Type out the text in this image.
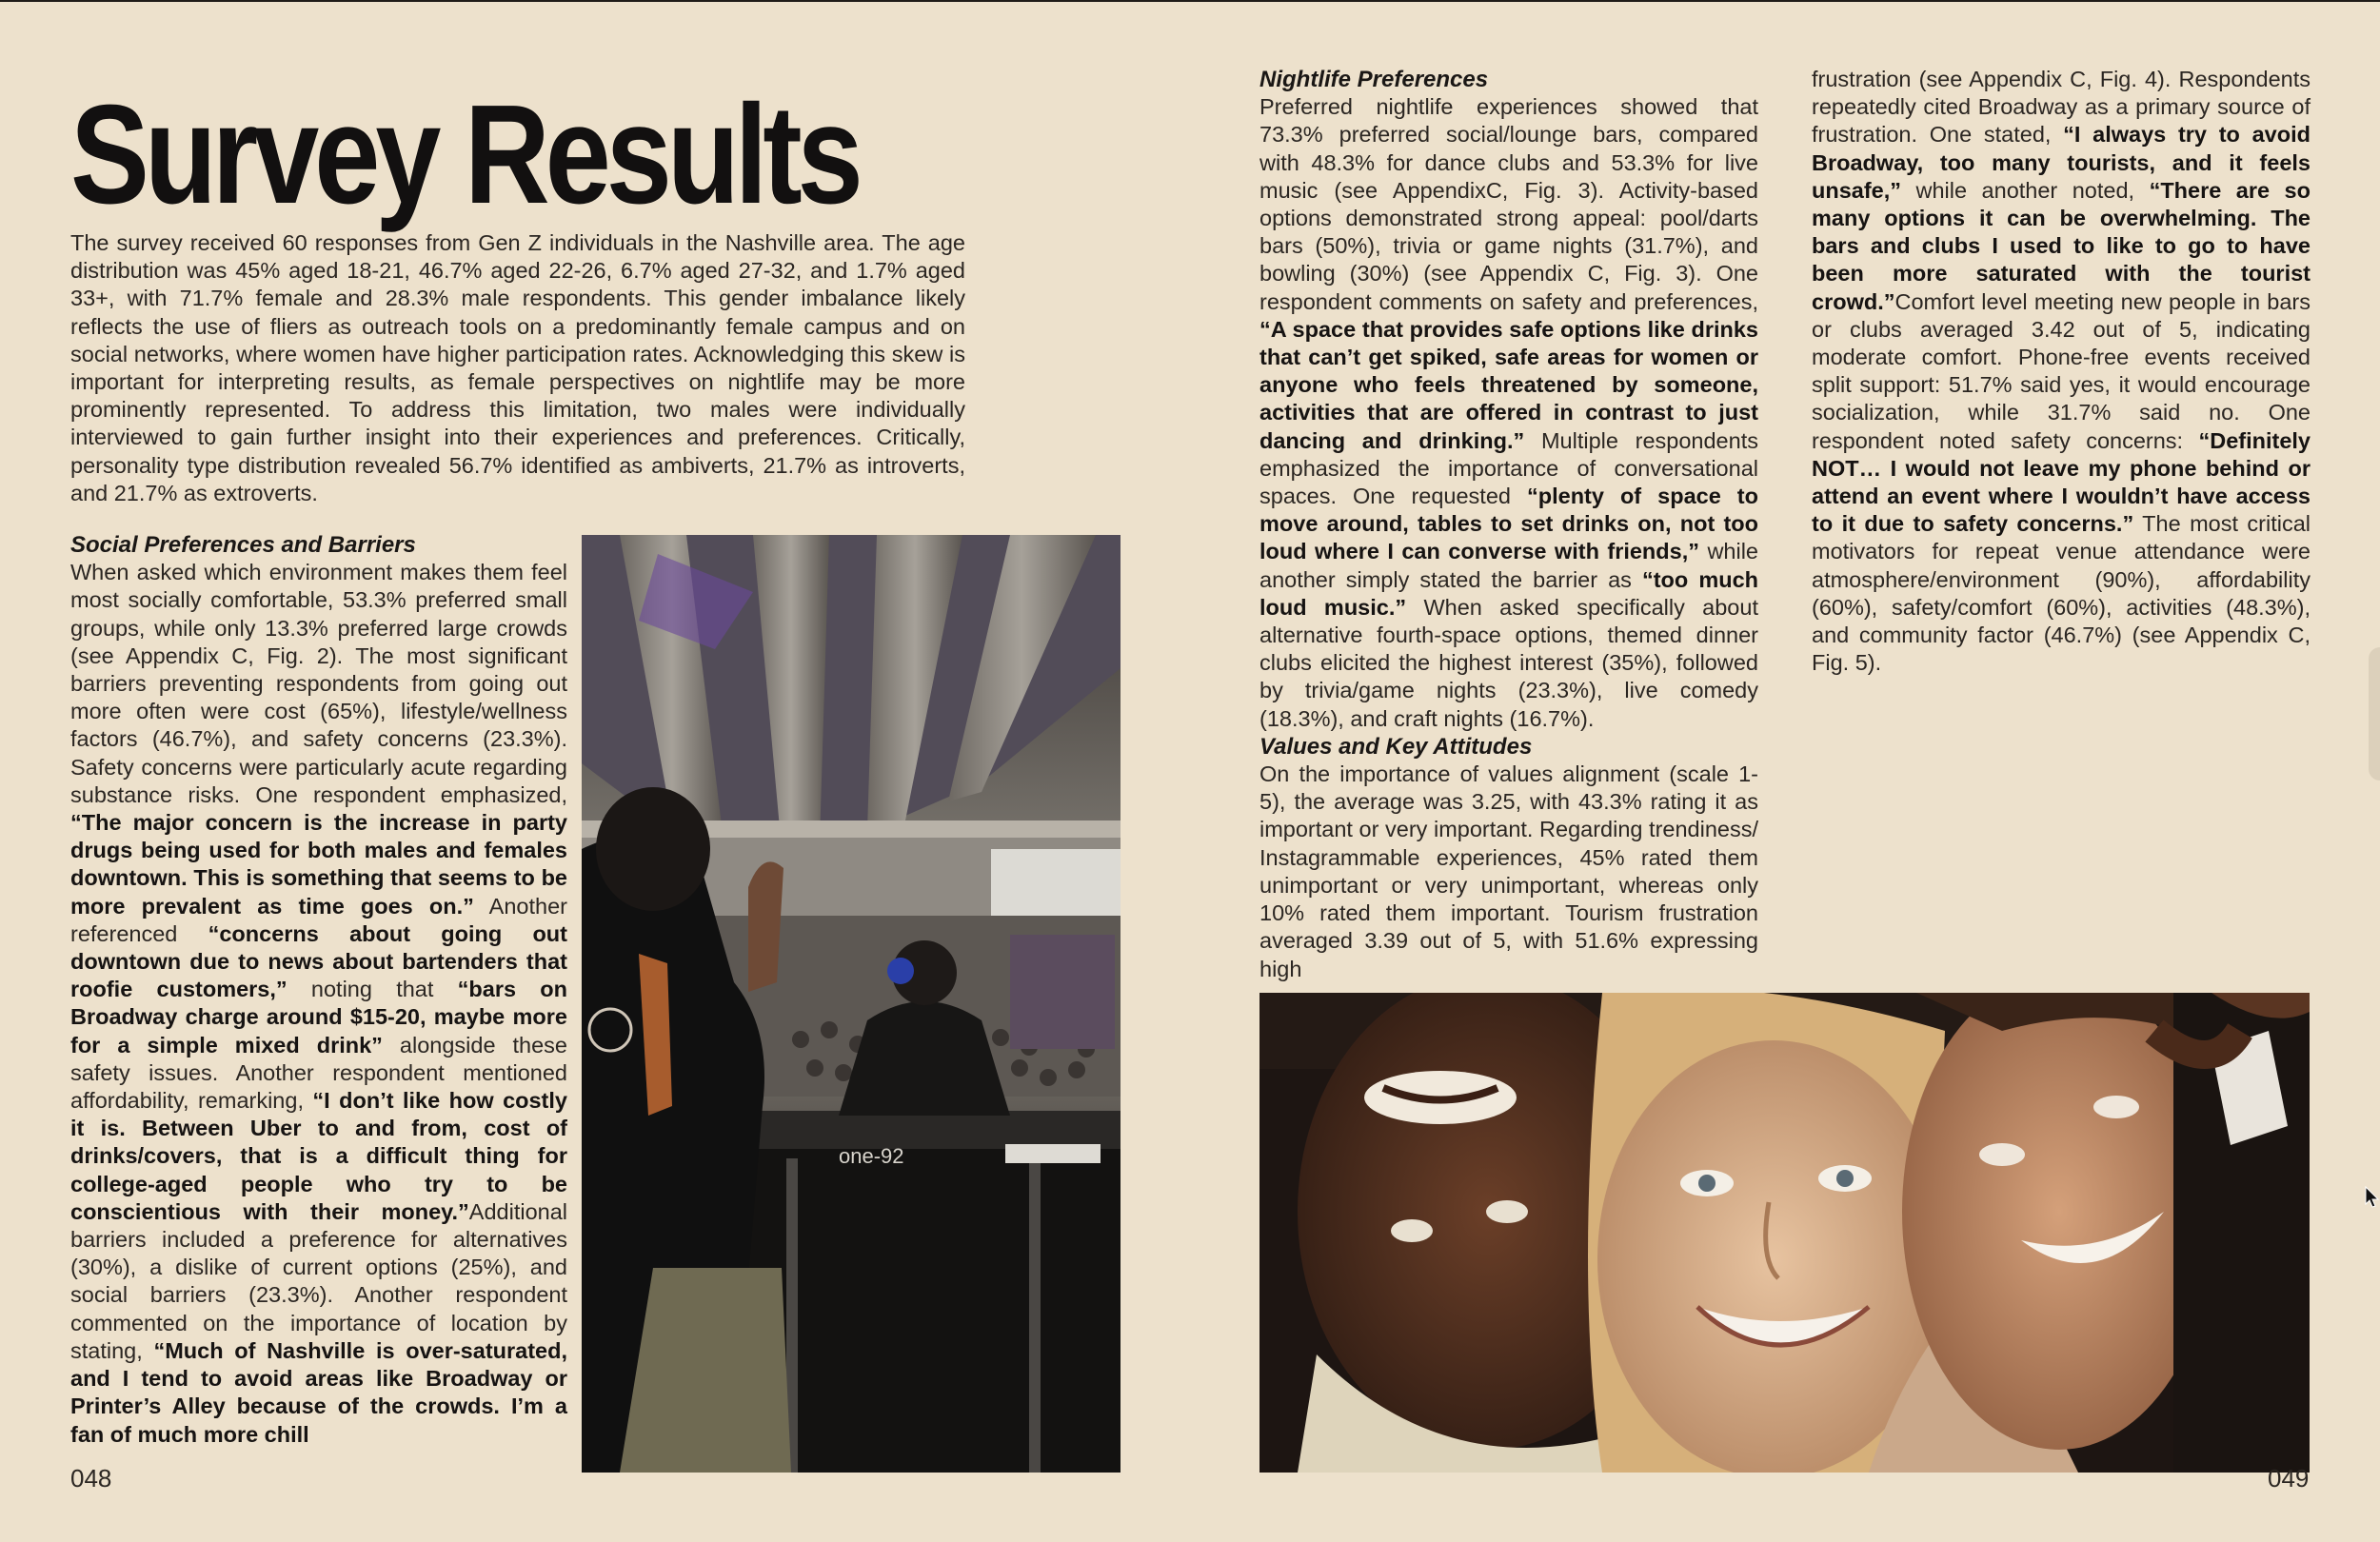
Survey Results

The survey received 60 responses from Gen Z individuals in the Nashville area. The age distribution was 45% aged 18-21, 46.7% aged 22-26, 6.7% aged 27-32, and 1.7% aged 33+, with 71.7% female and 28.3% male respondents. This gender imbalance likely reflects the use of fliers as outreach tools on a predominantly female campus and on social networks, where women have higher participation rates. Acknowledging this skew is important for interpreting results, as female perspectives on nightlife may be more prominently represented. To address this limitation, two males were individually interviewed to gain further insight into their experiences and preferences. Critically, personality type distribution revealed 56.7% identified as ambiverts, 21.7% as introverts, and 21.7% as extroverts.

Social Preferences and Barriers

When asked which environment makes them feel most socially comfortable, 53.3% preferred small groups, while only 13.3% preferred large crowds (see Appendix C, Fig. 2). The most significant barriers preventing respondents from going out more often were cost (65%), lifestyle/wellness factors (46.7%), and safety concerns (23.3%). Safety concerns were particularly acute regarding substance risks. One respondent emphasized, “The major concern is the increase in party drugs being used for both males and females downtown. This is something that seems to be more prevalent as time goes on.” Another referenced “concerns about going out downtown due to news about bartenders that roofie customers,” noting that “bars on Broadway charge around $15-20, maybe more for a simple mixed drink” alongside these safety issues. Another respondent mentioned affordability, remarking, “I don’t like how costly it is. Between Uber to and from, cost of drinks/covers, that is a difficult thing for college-aged people who try to be conscientious with their money.”Additional barriers included a preference for alternatives (30%), a dislike of current options (25%), and social barriers (23.3%). Another respondent commented on the importance of location by stating, “Much of Nashville is over-saturated, and I tend to avoid areas like Broadway or Printer’s Alley because of the crowds. I’m a fan of much more chill

one-92

Nightlife Preferences

Preferred nightlife experiences showed that 73.3% preferred social/lounge bars, compared with 48.3% for dance clubs and 53.3% for live music (see AppendixC, Fig. 3). Activity-based options demonstrated strong appeal: pool/darts bars (50%), trivia or game nights (31.7%), and bowling (30%) (see Appendix C, Fig. 3). One respondent comments on safety and preferences, “A space that provides safe options like drinks that can’t get spiked, safe areas for women or anyone who feels threatened by someone, activities that are offered in contrast to just dancing and drinking.” Multiple respondents emphasized the importance of conversational spaces. One requested “plenty of space to move around, tables to set drinks on, not too loud where I can converse with friends,” while another simply stated the barrier as “too much loud music.” When asked specifically about alternative fourth-space options, themed dinner clubs elicited the highest interest (35%), followed by trivia/game nights (23.3%), live comedy (18.3%), and craft nights (16.7%).

Values and Key Attitudes

On the importance of values alignment (scale 1-5), the average was 3.25, with 43.3% rating it as important or very important. Regarding trendiness/ Instagrammable experiences, 45% rated them unimportant or very unimportant, whereas only 10% rated them important. Tourism frustration averaged 3.39 out of 5, with 51.6% expressing high

frustration (see Appendix C, Fig. 4). Respondents repeatedly cited Broadway as a primary source of frustration. One stated, “I always try to avoid Broadway, too many tourists, and it feels unsafe,” while another noted, “There are so many options it can be overwhelming. The bars and clubs I used to like to go to have been more saturated with the tourist crowd.”Comfort level meeting new people in bars or clubs averaged 3.42 out of 5, indicating moderate comfort. Phone-free events received split support: 51.7% said yes, it would encourage socialization, while 31.7% said no. One respondent noted safety concerns: “Definitely NOT… I would not leave my phone behind or attend an event where I wouldn’t have access to it due to safety concerns.” The most critical motivators for repeat venue attendance were atmosphere/environment (90%), affordability (60%), safety/comfort (60%), activities (48.3%), and community factor (46.7%) (see Appendix C, Fig. 5).

048	049
